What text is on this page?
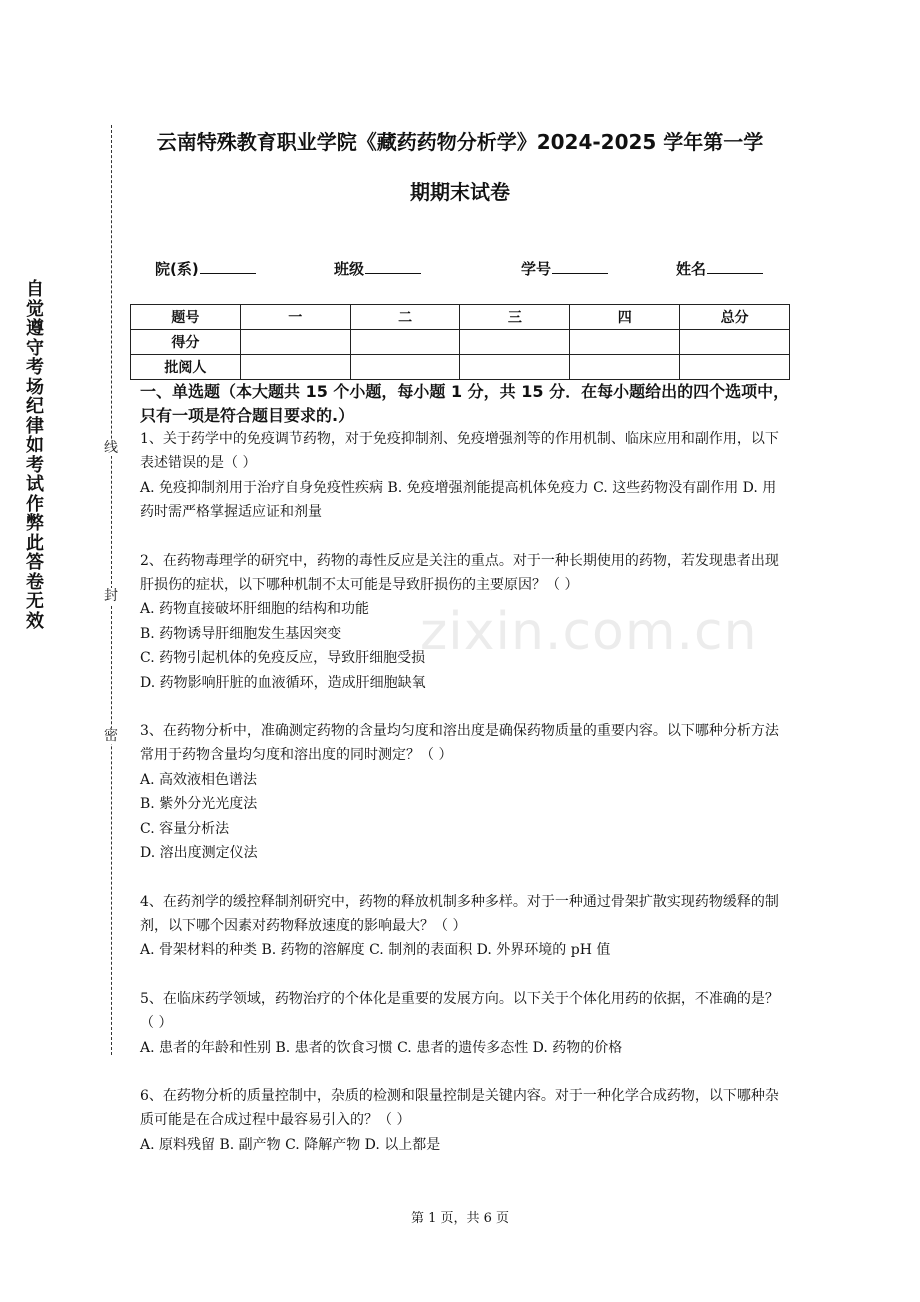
自觉遵守考场纪律如考试作弊此答卷无效
线
封
密
云南特殊教育职业学院《藏药药物分析学》2024-2025 学年第一学
期期末试卷
院(系)	班级	学号	姓名
题号	一	二	三	四	总分
得分					
批阅人					
一、单选题（本大题共 15 个小题，每小题 1 分，共 15 分．在每小题给出的四个选项中，只有一项是符合题目要求的.）

1、关于药学中的免疫调节药物，对于免疫抑制剂、免疫增强剂等的作用机制、临床应用和副作用，以下表述错误的是（ ）

A. 免疫抑制剂用于治疗自身免疫性疾病 B. 免疫增强剂能提高机体免疫力 C. 这些药物没有副作用 D. 用药时需严格掌握适应证和剂量

2、在药物毒理学的研究中，药物的毒性反应是关注的重点。对于一种长期使用的药物，若发现患者出现肝损伤的症状，以下哪种机制不太可能是导致肝损伤的主要原因？（ ）

A. 药物直接破坏肝细胞的结构和功能

B. 药物诱导肝细胞发生基因突变

C. 药物引起机体的免疫反应，导致肝细胞受损

D. 药物影响肝脏的血液循环，造成肝细胞缺氧

3、在药物分析中，准确测定药物的含量均匀度和溶出度是确保药物质量的重要内容。以下哪种分析方法常用于药物含量均匀度和溶出度的同时测定？（ ）

A. 高效液相色谱法

B. 紫外分光光度法

C. 容量分析法

D. 溶出度测定仪法

4、在药剂学的缓控释制剂研究中，药物的释放机制多种多样。对于一种通过骨架扩散实现药物缓释的制剂，以下哪个因素对药物释放速度的影响最大？（ ）

A. 骨架材料的种类 B. 药物的溶解度 C. 制剂的表面积 D. 外界环境的 pH 值

5、在临床药学领域，药物治疗的个体化是重要的发展方向。以下关于个体化用药的依据，不准确的是？（ ）

A. 患者的年龄和性别 B. 患者的饮食习惯 C. 患者的遗传多态性 D. 药物的价格

6、在药物分析的质量控制中，杂质的检测和限量控制是关键内容。对于一种化学合成药物，以下哪种杂质可能是在合成过程中最容易引入的？（ ）

A. 原料残留 B. 副产物 C. 降解产物 D. 以上都是

zixin.com.cn
第 1 页，共 6 页
